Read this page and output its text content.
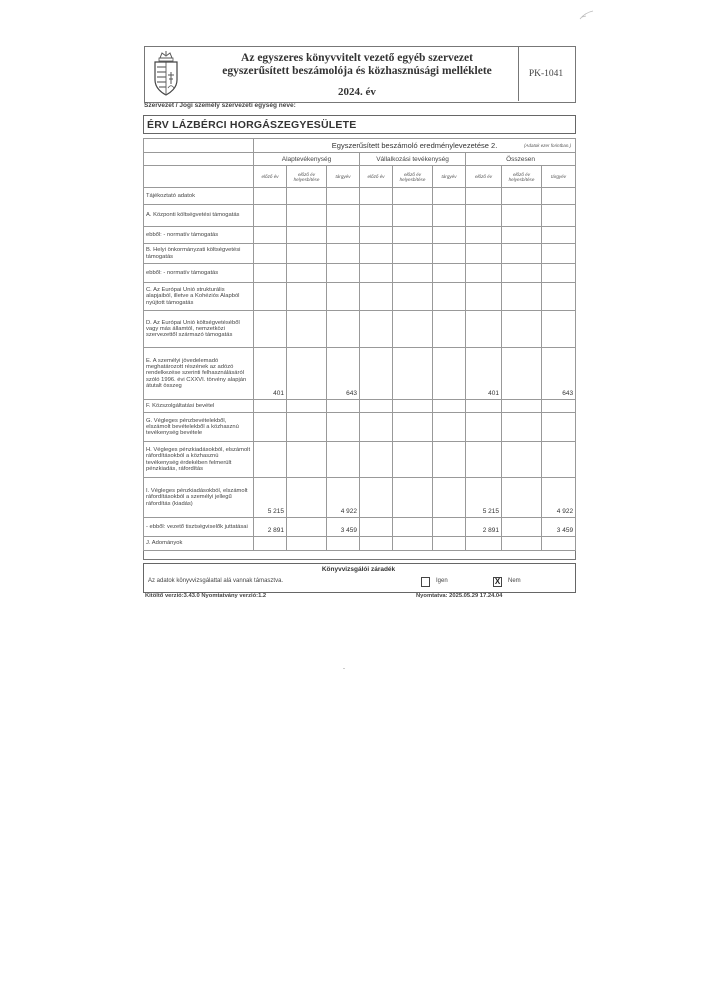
Az egyszeres könyvvitelt vezető egyéb szervezet
egyszerűsített beszámolója és közhasznúsági melléklete
2024. év
PK-1041
Szervezet / Jogi személy szervezeti egység neve:
ÉRV LÁZBÉRCI HORGÁSZEGYESÜLETE
	Egyszerűsített beszámoló eredménylevezetése 2. (Adatok ezer forintban.)								

	Alaptevékenység			Vállalkozási tevékenység			Összesen		
	előző év	előző év helyesbítése	tárgyév	előző év	előző év helyesbítése	tárgyév	előző év	előző év helyesbítése	tárgyév
Tájékoztató adatok									
A. Központi költségvetési támogatás									
ebből: - normatív támogatás									
B. Helyi önkormányzati költségvetési támogatás									
ebből: - normatív támogatás									
C. Az Európai Unió strukturális alapjaiból, illetve a Kohéziós Alapból nyújtott támogatás									
D. Az Európai Unió költségvetéséből vagy más államtól, nemzetközi szervezettől származó támogatás									
E. A személyi jövedelemadó meghatározott részének az adózó rendelkezése szerinti felhasználásáról szóló 1996. évi CXXVI. törvény alapján átutalt összeg	401		643				401		643
F. Közszolgáltatási bevétel									
G. Végleges pénzbevételekből, elszámolt bevételekből a közhasznú tevékenység bevétele									
H. Végleges pénzkiadásokból, elszámolt ráfordításokból a közhasznú tevékenység érdekében felmerült pénzkiadás, ráfordítás									
I. Végleges pénzkiadásokból, elszámolt ráfordításokból a személyi jellegű ráfordítás (kiadás)	5 215		4 922				5 215		4 922
- ebből: vezető tisztségviselők juttatásai	2 891		3 459				2 891		3 459
J. Adományok									
Könyvvizsgálói záradék
Az adatok könyvvizsgálattal alá vannak támasztva.	Igen	X Nem
Kitöltő verzió:3.43.0 Nyomtatvány verzió:1.2	Nyomtatva: 2025.05.29 17.24.04
